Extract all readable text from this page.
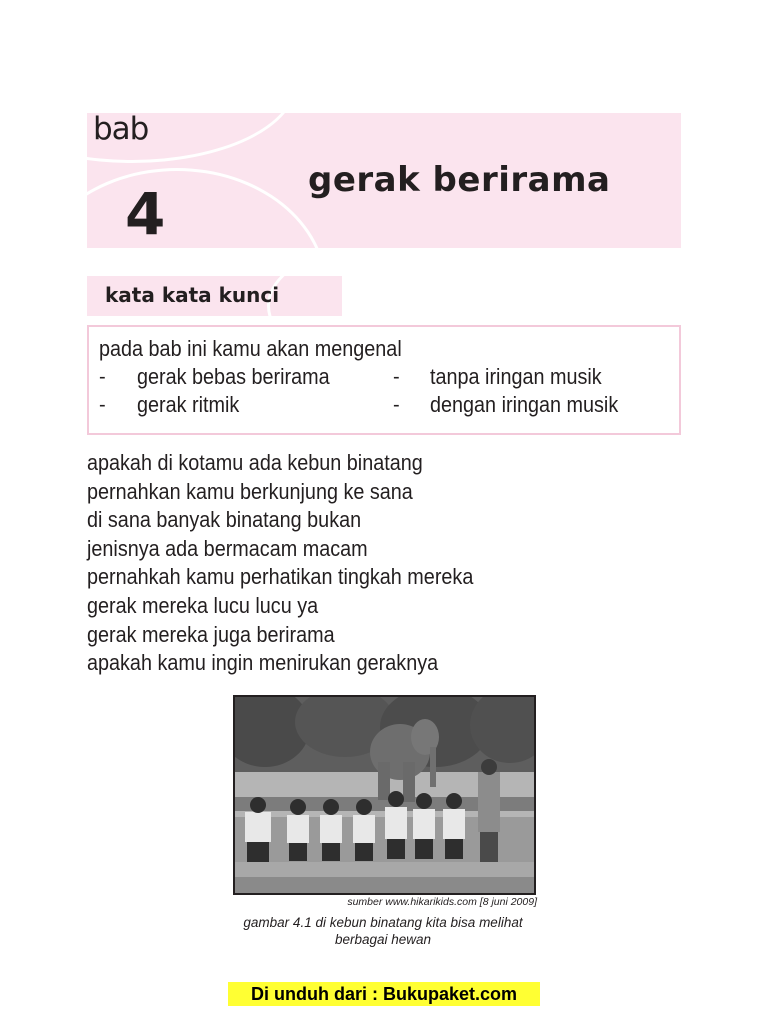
bab
4	gerak berirama
kata kata kunci
pada bab ini kamu akan mengenal
- gerak bebas berirama
- gerak ritmik
- tanpa iringan musik
- dengan iringan musik
apakah di kotamu ada kebun binatang
pernahkan kamu berkunjung ke sana
di sana banyak binatang bukan
jenisnya ada bermacam macam
pernahkah kamu perhatikan tingkah mereka
gerak mereka lucu lucu ya
gerak mereka juga berirama
apakah kamu ingin menirukan geraknya
sumber www.hikarikids.com [8 juni 2009]
gambar 4.1 di kebun binatang kita bisa melihat
berbagai hewan
Di unduh dari : Bukupaket.com
